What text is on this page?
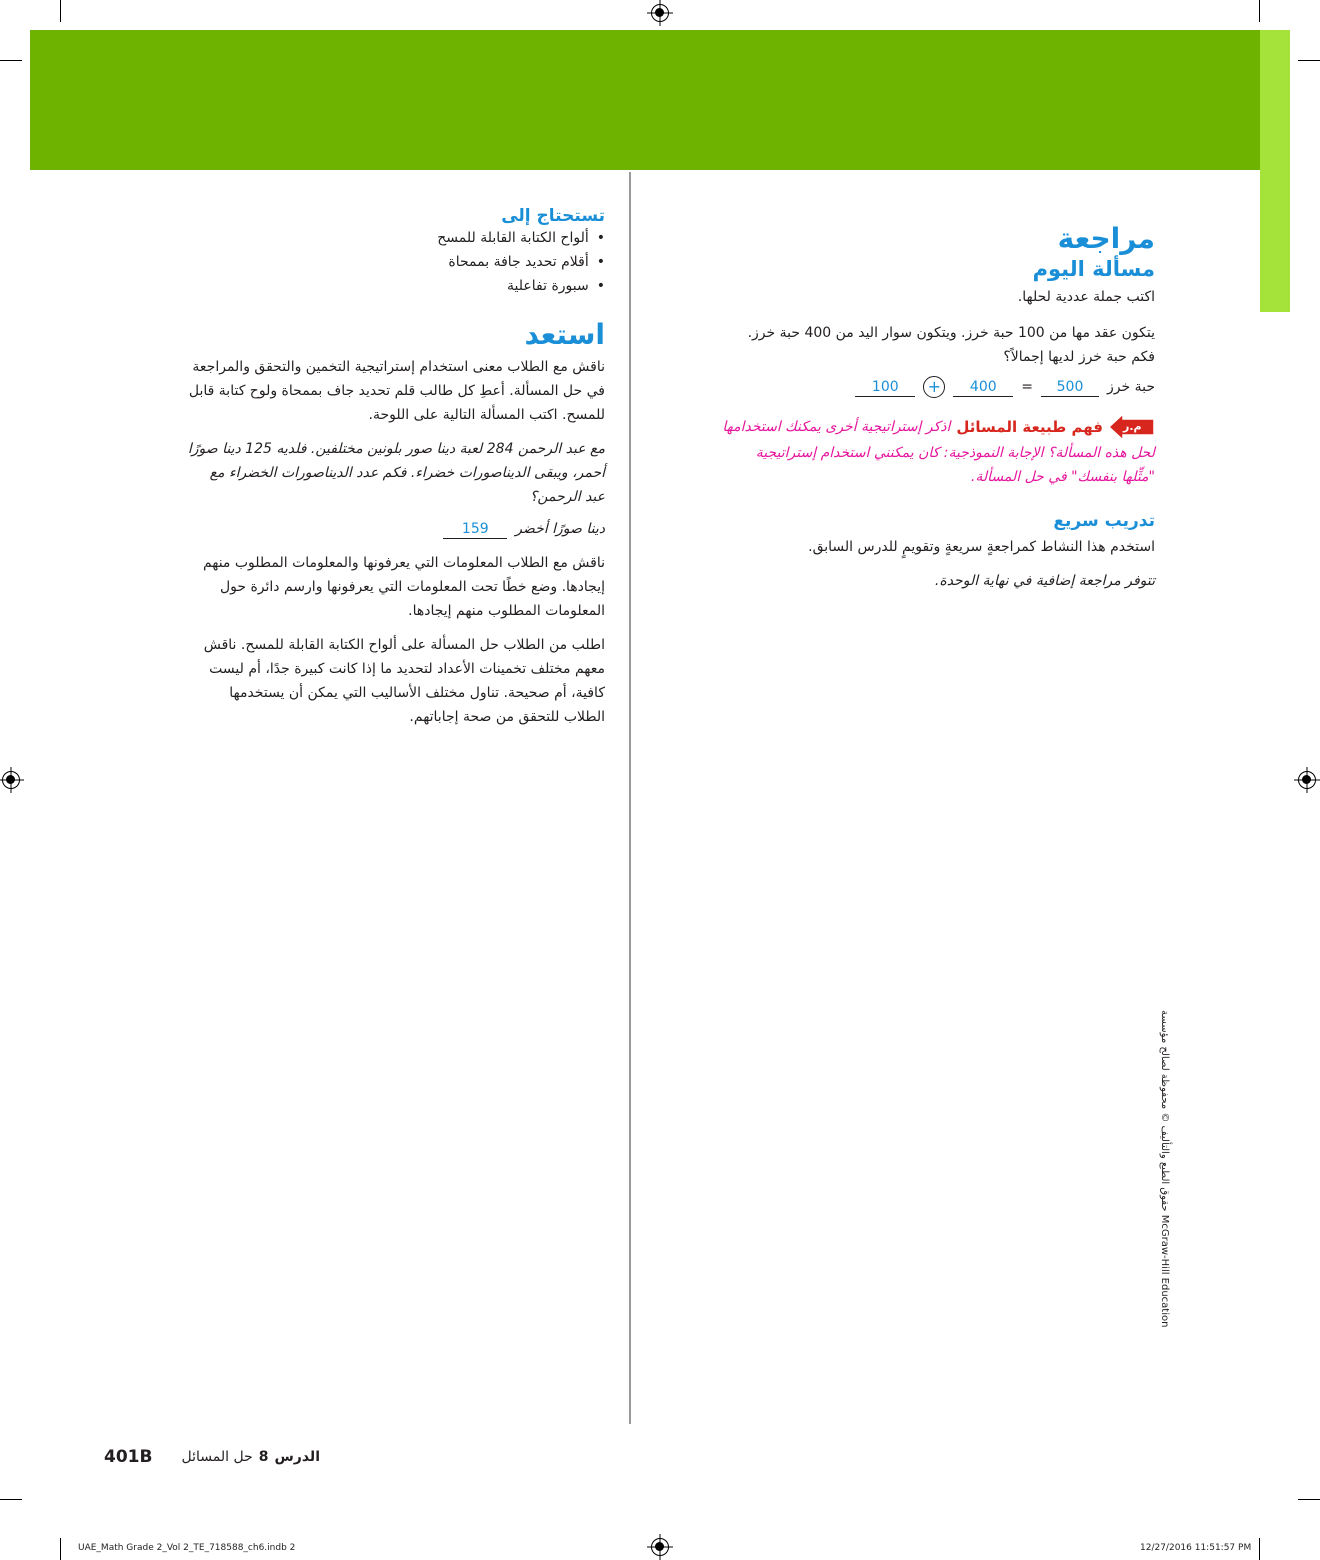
مراجعة
مسألة اليوم
اكتب جملة عددية لحلها.
يتكون عقد مها من 100 حبة خرز. ويتكون سوار اليد من 400 حبة خرز.
فكم حبة خرز لديها إجمالاً؟
حبة خرز
500
=
400
+
100
م.ر
فهم طبيعة المسائل
اذكر إستراتيجية أخرى يمكنك استخدامها
لحل هذه المسألة؟ الإجابة النموذجية: كان يمكنني استخدام إستراتيجية
"مثِّلها بنفسك" في حل المسألة.
تدريب سريع
استخدم هذا النشاط كمراجعةٍ سريعةٍ وتقويمٍ للدرس السابق.
تتوفر مراجعة إضافية في نهاية الوحدة.
تستحتاج إلى
• ألواح الكتابة القابلة للمسح
• أقلام تحديد جافة بممحاة
• سبورة تفاعلية
استعد
ناقش مع الطلاب معنى استخدام إستراتيجية التخمين والتحقق والمراجعة
في حل المسألة. أعطِ كل طالب قلم تحديد جاف بممحاة ولوح كتابة قابل
للمسح. اكتب المسألة التالية على اللوحة.
مع عبد الرحمن 284 لعبة دينا صور بلونين مختلفين. فلديه 125 دينا صورًا
أحمر، ويبقى الديناصورات خضراء. فكم عدد الديناصورات الخضراء مع
عبد الرحمن؟
دينا صورًا أخضر
159
ناقش مع الطلاب المعلومات التي يعرفونها والمعلومات المطلوب منهم
إيجادها. وضع خطًا تحت المعلومات التي يعرفونها وارسم دائرة حول
المعلومات المطلوب منهم إيجادها.
اطلب من الطلاب حل المسألة على ألواح الكتابة القابلة للمسح. ناقش
معهم مختلف تخمينات الأعداد لتحديد ما إذا كانت كبيرة جدًا، أم ليست
كافية، أم صحيحة. تناول مختلف الأساليب التي يمكن أن يستخدمها
الطلاب للتحقق من صحة إجاباتهم.
حقوق الطبع والتأليف © محفوظة لصالح مؤسسة McGraw-Hill Education
401B	الدرس
8
حل المسائل
UAE_Math Grade 2_Vol 2_TE_718588_ch6.indb 2	12/27/2016 11:51:57 PM
